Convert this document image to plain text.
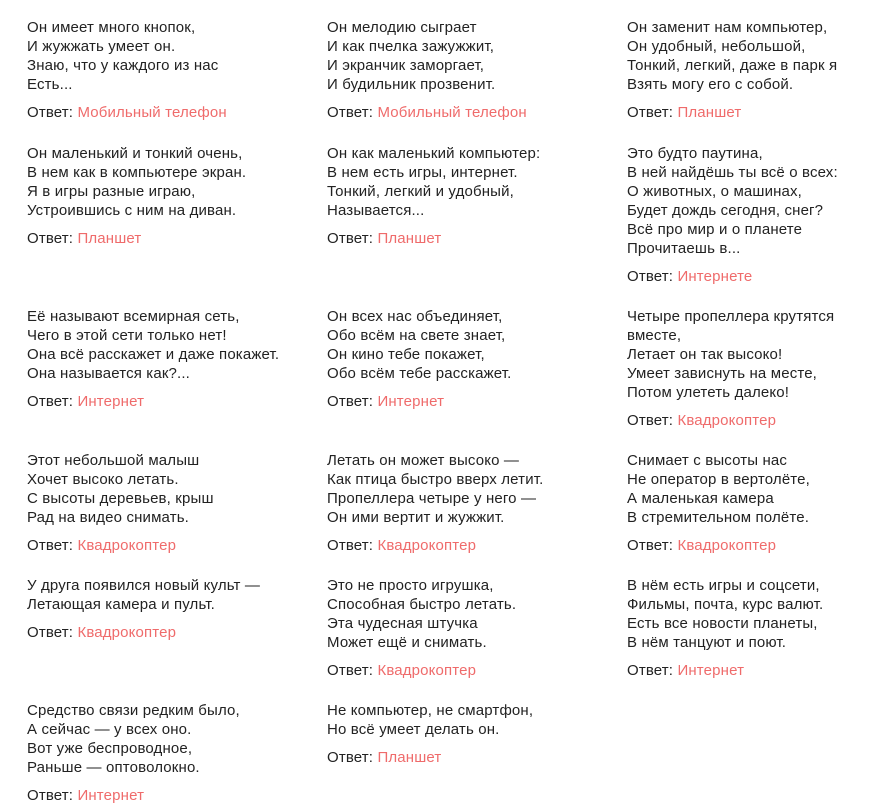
Он имеет много кнопок,
И жужжать умеет он.
Знаю, что у каждого из нас
Есть...

Ответ: Мобильный телефон

Он мелодию сыграет
И как пчелка зажужжит,
И экранчик заморгает,
И будильник прозвенит.

Ответ: Мобильный телефон

Он заменит нам компьютер,
Он удобный, небольшой,
Тонкий, легкий, даже в парк я
Взять могу его с собой.

Ответ: Планшет

Он маленький и тонкий очень,
В нем как в компьютере экран.
Я в игры разные играю,
Устроившись с ним на диван.

Ответ: Планшет

Он как маленький компьютер:
В нем есть игры, интернет.
Тонкий, легкий и удобный,
Называется...

Ответ: Планшет

Это будто паутина,
В ней найдёшь ты всё о всех:
О животных, о машинах,
Будет дождь сегодня, снег?
Всё про мир и о планете
Прочитаешь в...

Ответ: Интернете

Её называют всемирная сеть,
Чего в этой сети только нет!
Она всё расскажет и даже покажет.
Она называется как?...

Ответ: Интернет

Он всех нас объединяет,
Обо всём на свете знает,
Он кино тебе покажет,
Обо всём тебе расскажет.

Ответ: Интернет

Четыре пропеллера крутятся
вместе,
Летает он так высоко!
Умеет зависнуть на месте,
Потом улететь далеко!

Ответ: Квадрокоптер

Этот небольшой малыш
Хочет высоко летать.
С высоты деревьев, крыш
Рад на видео снимать.

Ответ: Квадрокоптер

Летать он может высоко —
Как птица быстро вверх летит.
Пропеллера четыре у него —
Он ими вертит и жужжит.

Ответ: Квадрокоптер

Снимает с высоты нас
Не оператор в вертолёте,
А маленькая камера
В стремительном полёте.

Ответ: Квадрокоптер

У друга появился новый культ —
Летающая камера и пульт.

Ответ: Квадрокоптер

Это не просто игрушка,
Способная быстро летать.
Эта чудесная штучка
Может ещё и снимать.

Ответ: Квадрокоптер

В нём есть игры и соцсети,
Фильмы, почта, курс валют.
Есть все новости планеты,
В нём танцуют и поют.

Ответ: Интернет

Средство связи редким было,
А сейчас — у всех оно.
Вот уже беспроводное,
Раньше — оптоволокно.

Ответ: Интернет

Не компьютер, не смартфон,
Но всё умеет делать он.

Ответ: Планшет
